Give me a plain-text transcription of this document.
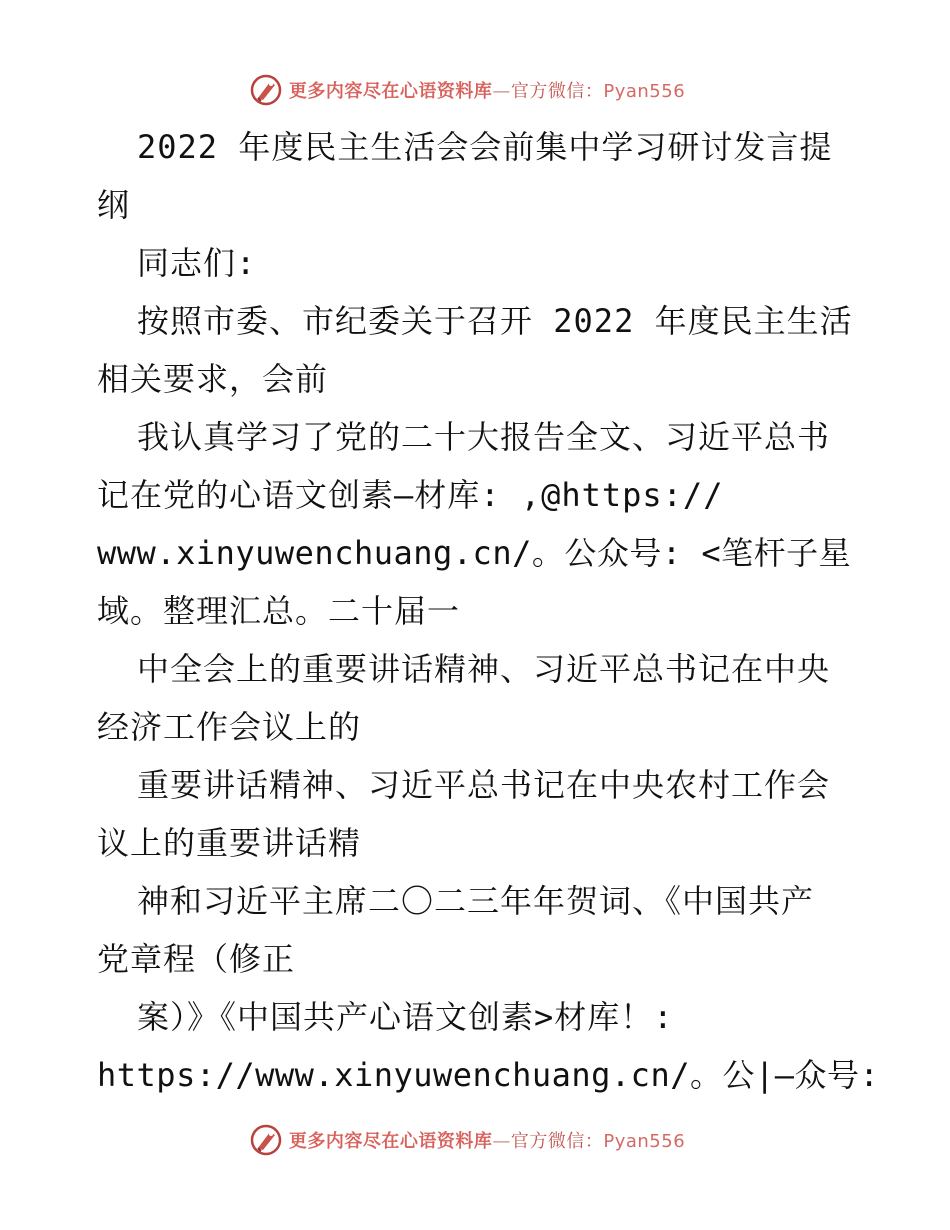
更多内容尽在心语资料库—官方微信：Pyan556
2022 年度民主生活会会前集中学习研讨发言提
纲
同志们:
按照市委、市纪委关于召开 2022 年度民主生活
相关要求，会前
我认真学习了党的二十大报告全文、习近平总书
记在党的心语文创素—材库: ,@https://
www.xinyuwenchuang.cn/。公众号: <笔杆子星
域。整理汇总。二十届一
中全会上的重要讲话精神、习近平总书记在中央
经济工作会议上的
重要讲话精神、习近平总书记在中央农村工作会
议上的重要讲话精
神和习近平主席二〇二三年年贺词、《中国共产
党章程（修正
案）》《中国共产心语文创素>材库！:
https://www.xinyuwenchuang.cn/。公|—众号:
更多内容尽在心语资料库—官方微信：Pyan556
